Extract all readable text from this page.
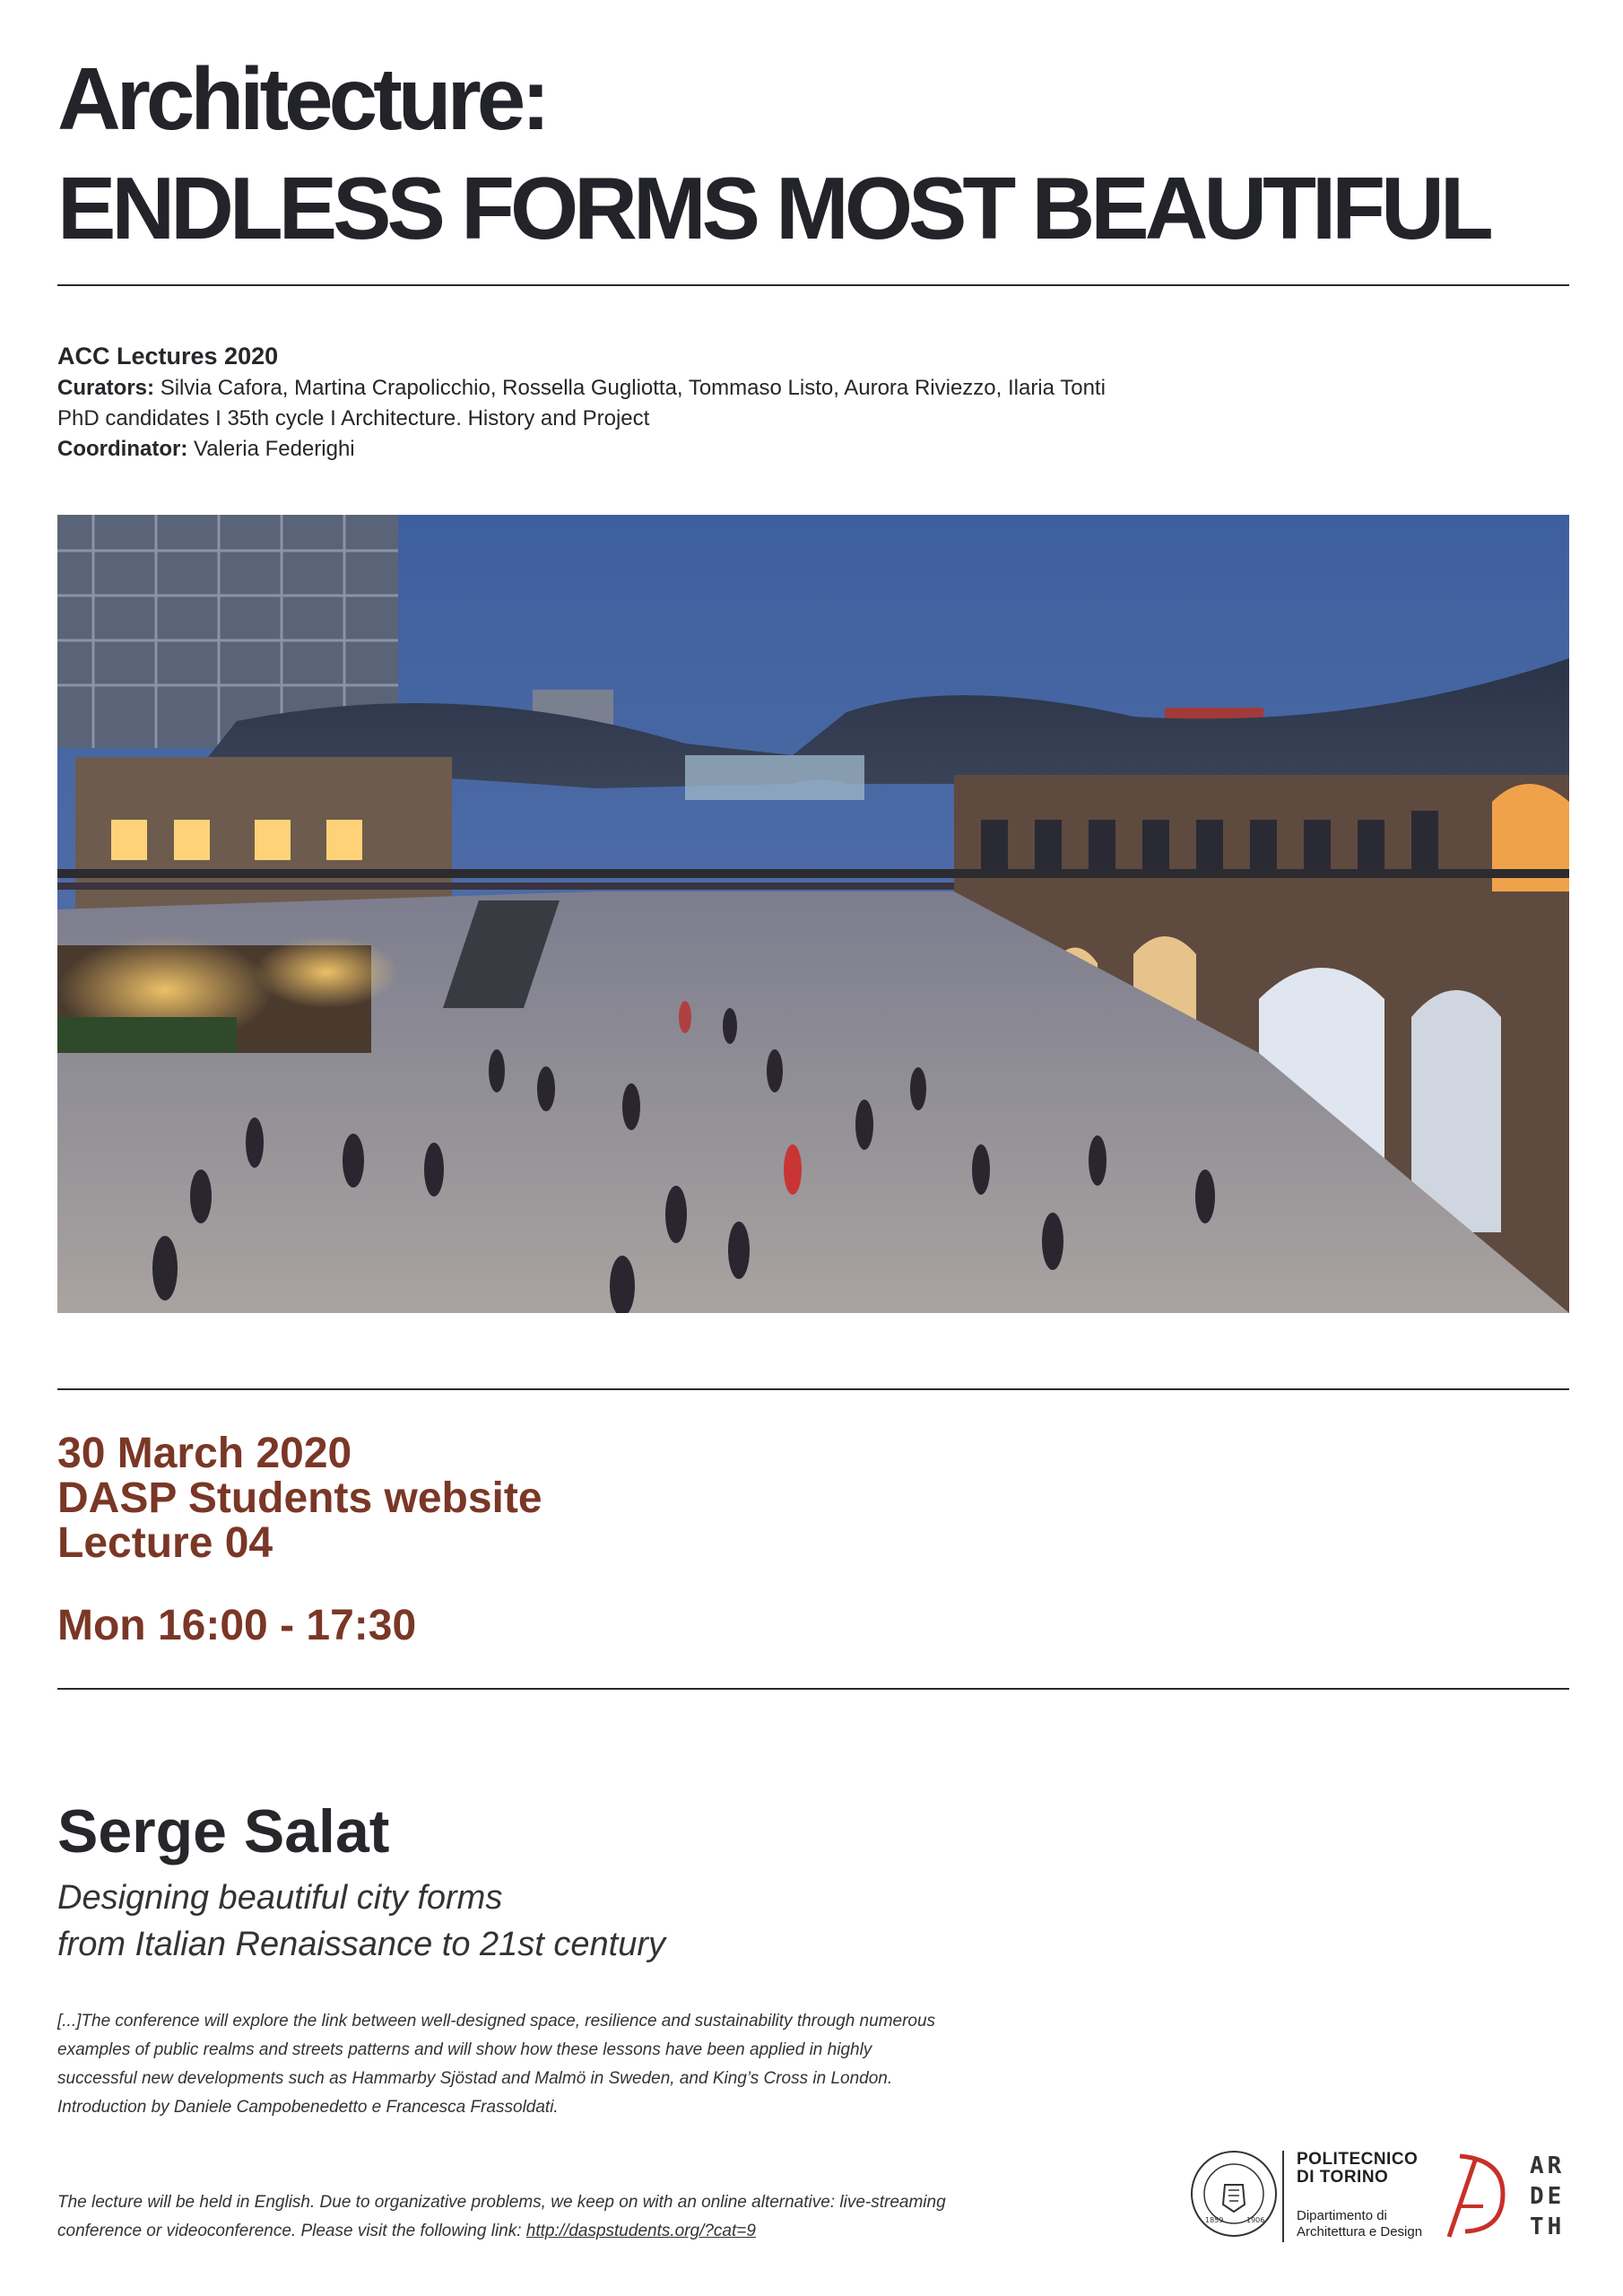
Architecture:
ENDLESS FORMS MOST BEAUTIFUL
ACC Lectures 2020
Curators: Silvia Cafora, Martina Crapolicchio, Rossella Gugliotta, Tommaso Listo, Aurora Riviezzo, Ilaria Tonti
PhD candidates I 35th cycle I Architecture. History and Project
Coordinator: Valeria Federighi
30 March 2020
DASP Students website
Lecture 04
Mon 16:00 - 17:30
Serge Salat
Designing beautiful city forms
from Italian Renaissance to 21st century
[...]The conference will explore the link between well-designed space, resilience and sustainability through numerous examples of public realms and streets patterns and will show how these lessons have been applied in highly successful new developments such as Hammarby Sjöstad and Malmö in Sweden, and King’s Cross in London.
Introduction by Daniele Campobenedetto e Francesca Frassoldati.
The lecture will be held in English. Due to organizative problems, we keep on with an online alternative: live-streaming conference or videoconference. Please visit the following link: http://daspstudents.org/?cat=9
1859	1906
POLITECNICO
DI TORINO
Dipartimento di
Architettura e Design
AR
DE
TH
